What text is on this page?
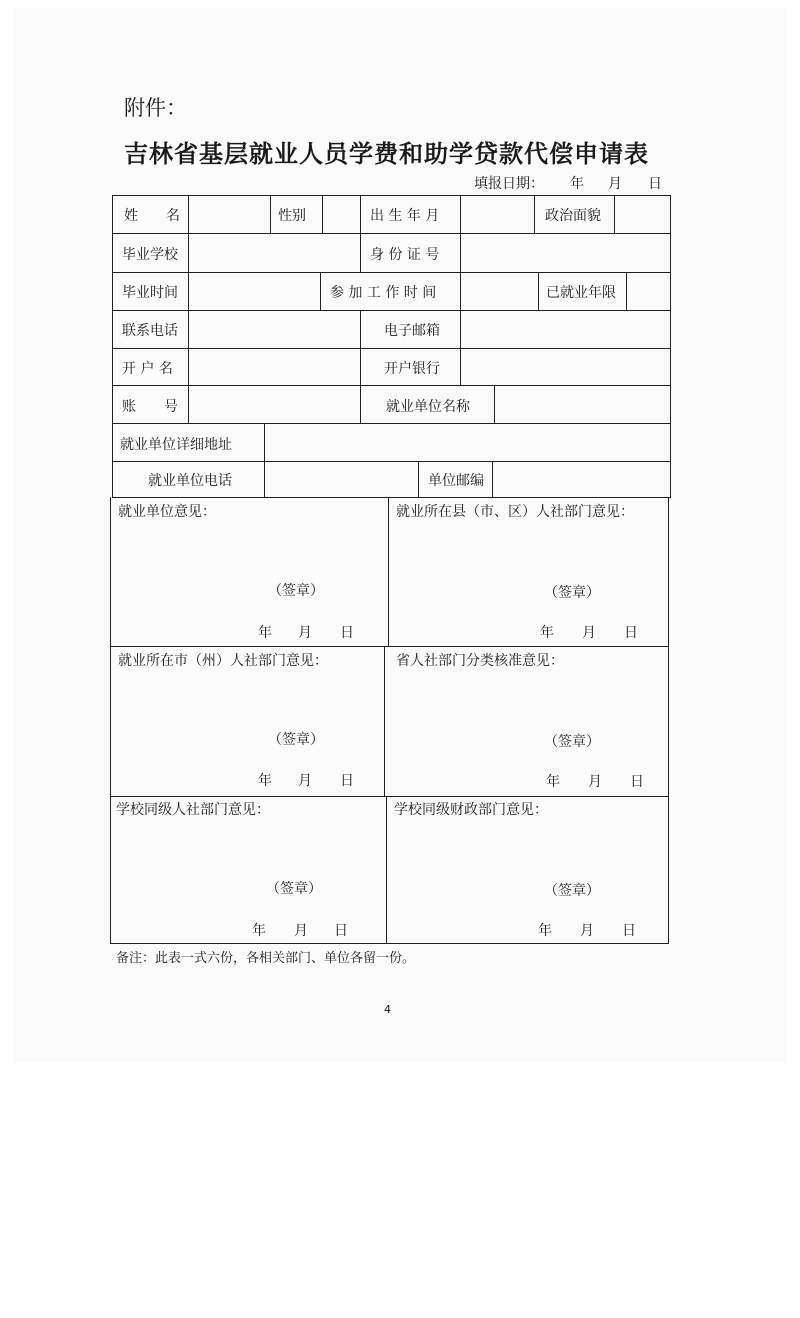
附件：
吉林省基层就业人员学费和助学贷款代偿申请表
填报日期： 年 月 日
姓　　名	性别	出 生 年 月	政治面貌
毕业学校	身 份 证 号
毕业时间	参 加 工 作 时 间	已就业年限
联系电话	电子邮箱
开 户 名	开户银行
账　　号	就业单位名称
就业单位详细地址
就业单位电话	单位邮编
就业单位意见：
（签章）
年 月 日
就业所在县（市、区）人社部门意见：
（签章）
年 月 日
就业所在市（州）人社部门意见：
（签章）
年 月 日
省人社部门分类核准意见：
（签章）
年 月 日
学校同级人社部门意见：
（签章）
年 月 日
学校同级财政部门意见：
（签章）
年 月 日
备注：此表一式六份，各相关部门、单位各留一份。
4
